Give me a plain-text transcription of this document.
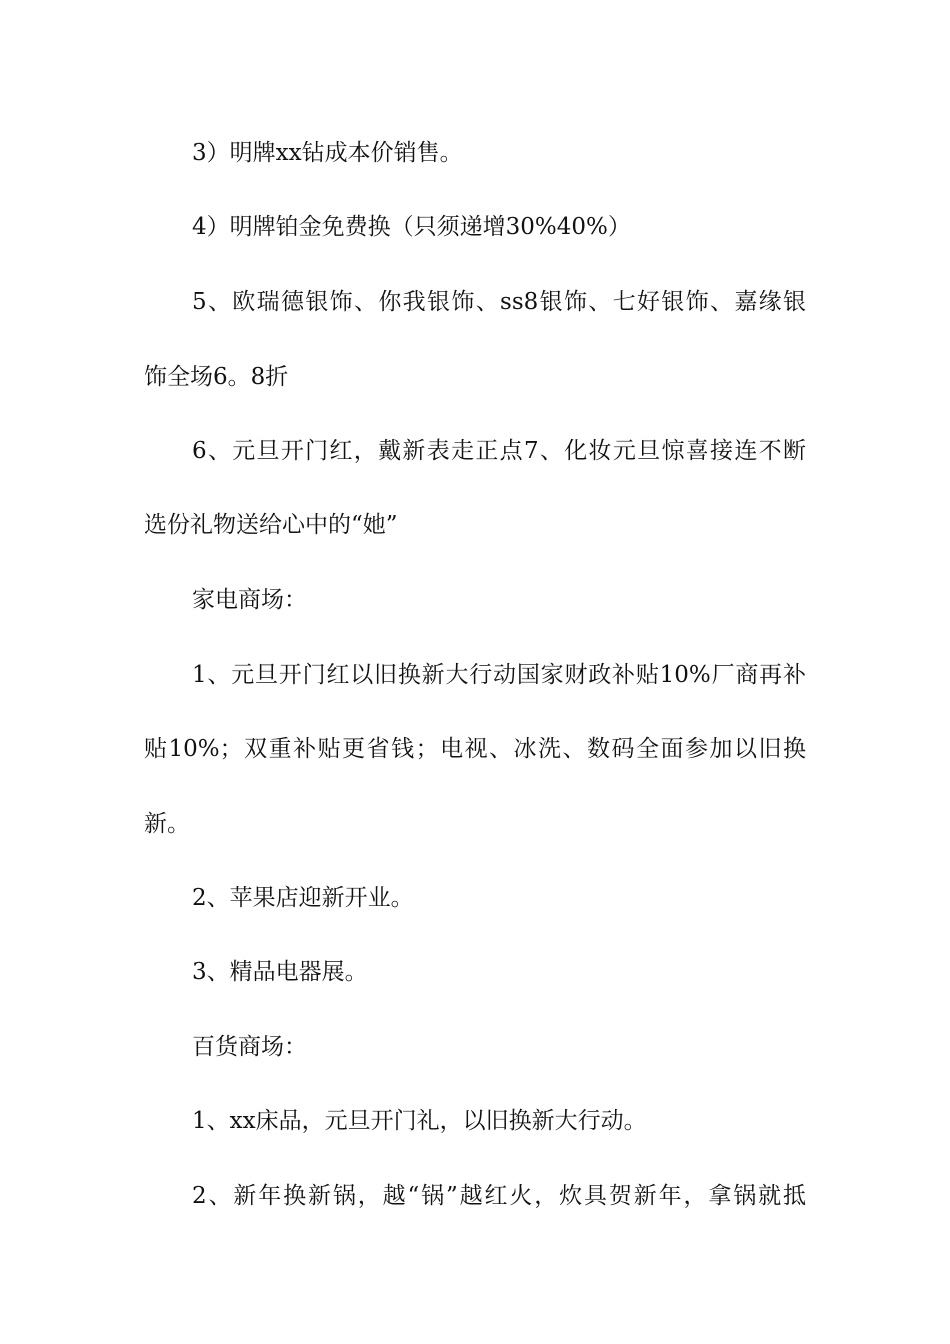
3）明牌xx钻成本价销售。
4）明牌铂金免费换（只须递增30%40%）
5、欧瑞德银饰、你我银饰、ss8银饰、七好银饰、嘉缘银
饰全场6。8折
6、元旦开门红，戴新表走正点7、化妆元旦惊喜接连不断
选份礼物送给心中的“她”
家电商场：
1、元旦开门红以旧换新大行动国家财政补贴10%厂商再补
贴10%；双重补贴更省钱；电视、冰洗、数码全面参加以旧换
新。
2、苹果店迎新开业。
3、精品电器展。
百货商场：
1、xx床品，元旦开门礼，以旧换新大行动。
2、新年换新锅，越“锅”越红火，炊具贺新年，拿锅就抵
